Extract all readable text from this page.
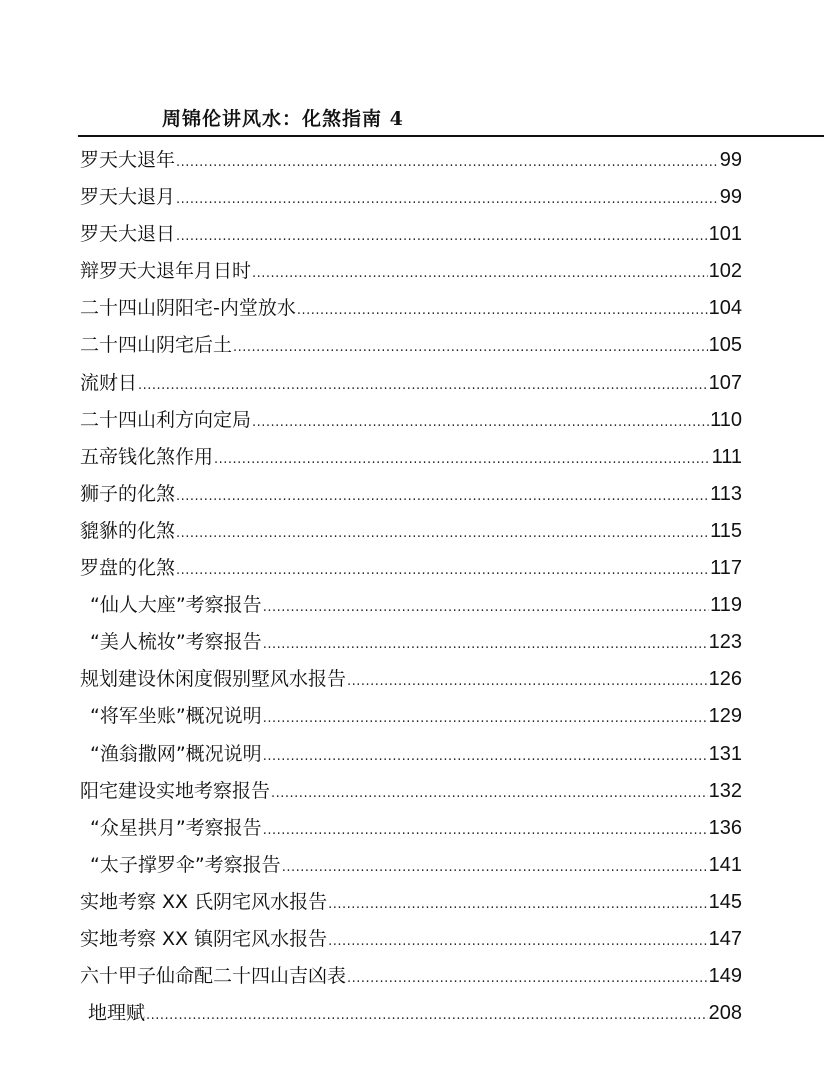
周锦伦讲风水：化煞指南 4
罗天大退年 .....	99
罗天大退月 .....	99
罗天大退日 .....	101
辩罗天大退年月日时 .....	102
二十四山阴阳宅-内堂放水 .....	104
二十四山阴宅后土 .....	105
流财日 .....	107
二十四山利方向定局 .....	110
五帝钱化煞作用 .....	111
狮子的化煞 .....	113
貔貅的化煞 .....	115
罗盘的化煞 .....	117
“仙人大座”考察报告 .....	119
“美人梳妆”考察报告 .....	123
规划建设休闲度假别墅风水报告 .....	126
“将军坐账”概况说明 .....	129
“渔翁撒网”概况说明 .....	131
阳宅建设实地考察报告 .....	132
“众星拱月”考察报告 .....	136
“太子撑罗伞”考察报告 .....	141
实地考察 XX 氏阴宅风水报告 .....	145
实地考察 XX 镇阴宅风水报告 .....	147
六十甲子仙命配二十四山吉凶表 .....	149
地理赋 .....	208
